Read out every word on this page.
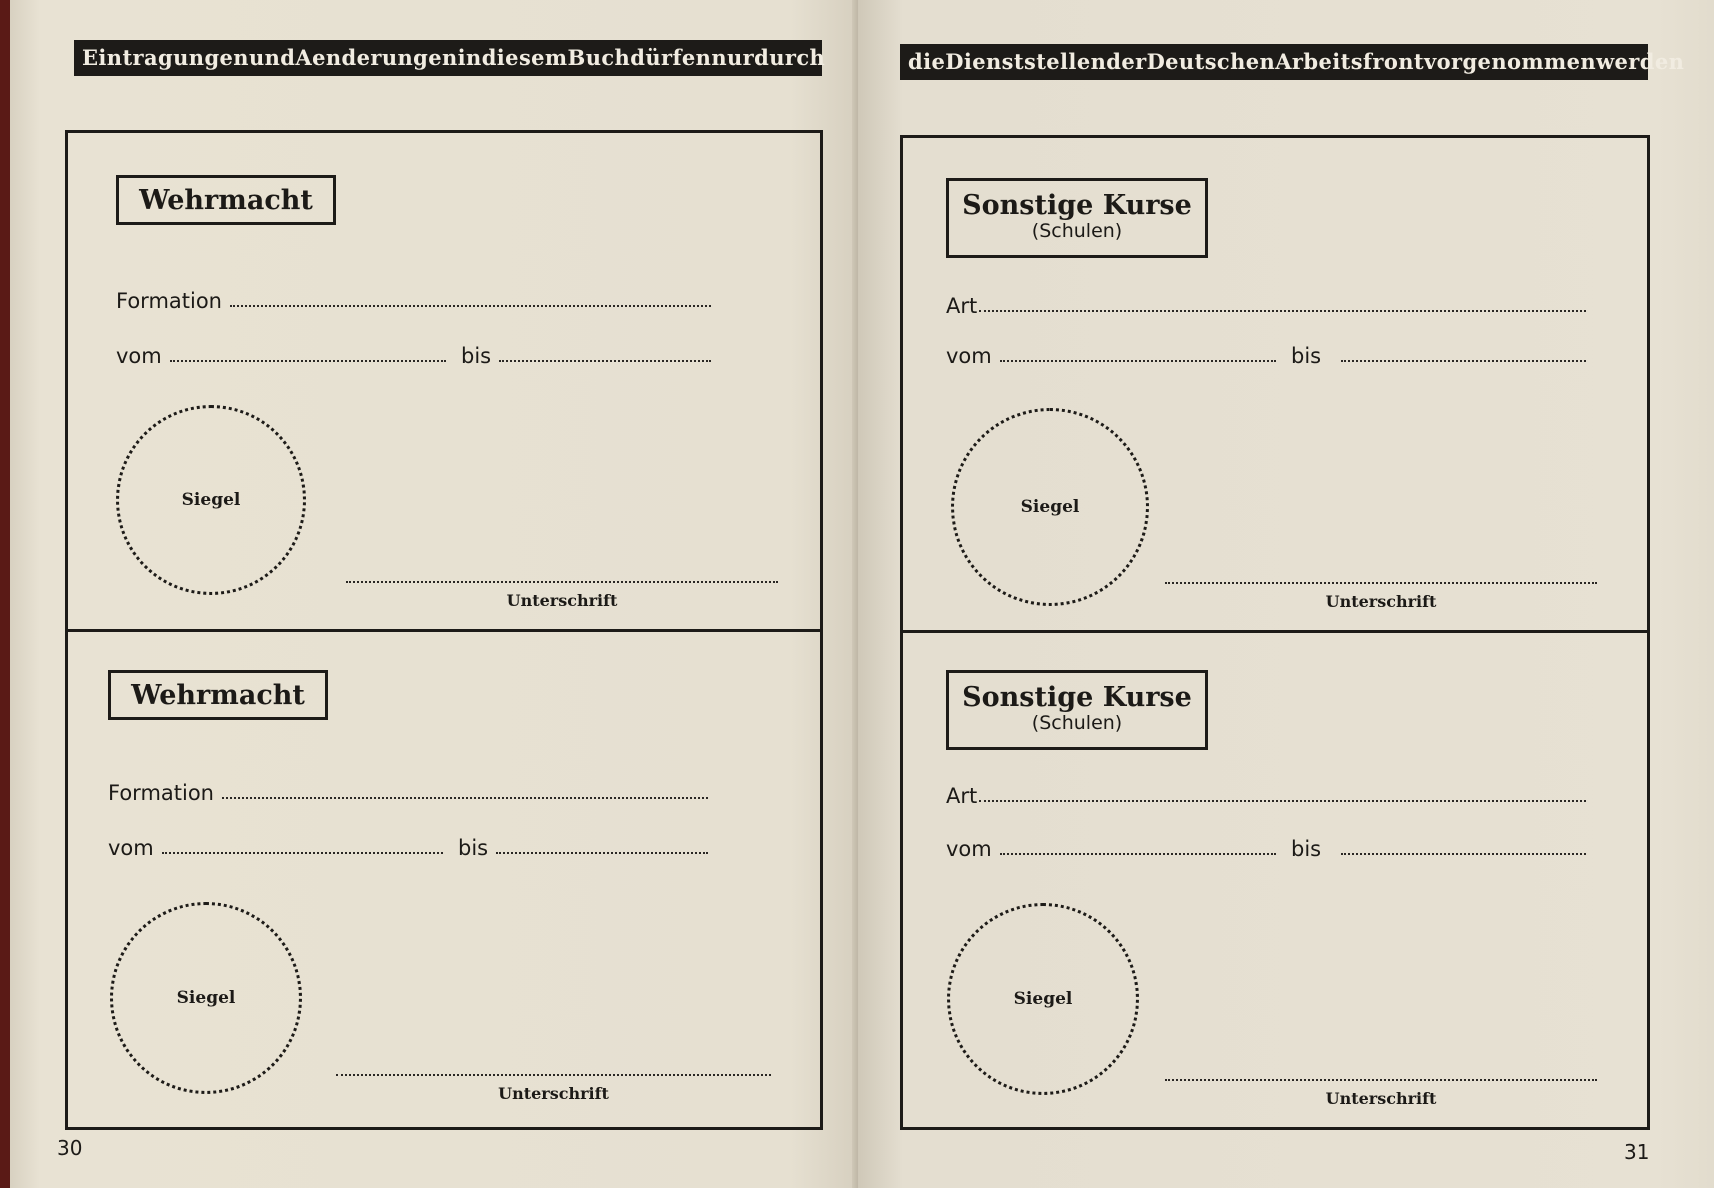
Eintragungen und Aenderungen in diesem Buch dürfen nur durch
Wehrmacht
Formation
vom	bis
Siegel
Unterschrift
Wehrmacht
Formation
vom	bis
Siegel
Unterschrift
30
die Dienststellen der Deutschen Arbeitsfront vorgenommen werden
Sonstige Kurse
(Schulen)
Art
vom	bis
Siegel
Unterschrift
Sonstige Kurse
(Schulen)
Art
vom	bis
Siegel
Unterschrift
31
